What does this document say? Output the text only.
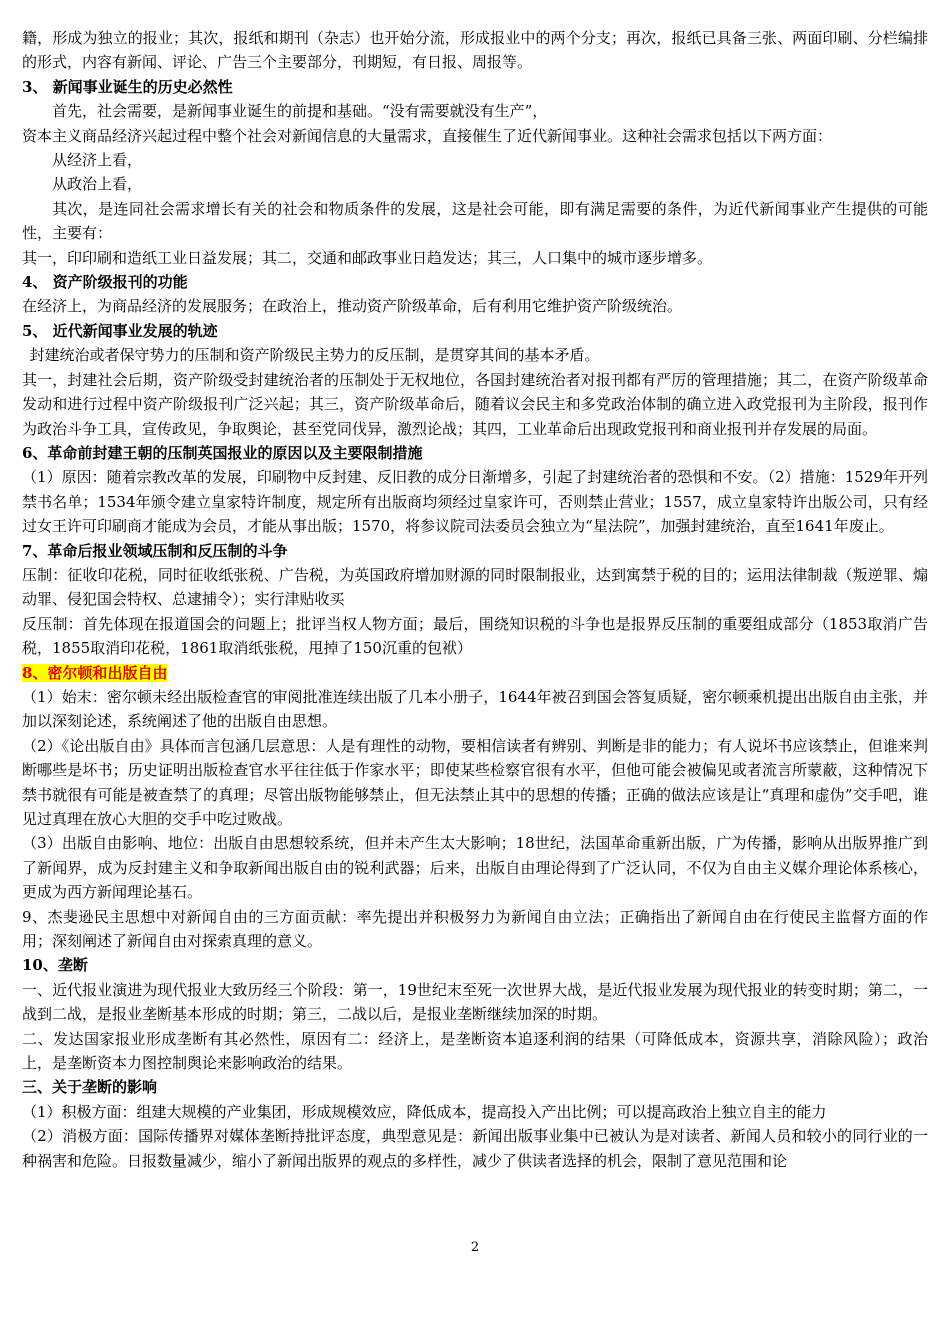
籍，形成为独立的报业；其次，报纸和期刊（杂志）也开始分流，形成报业中的两个分支；再次，报纸已具备三张、两面印刷、分栏编排的形式，内容有新闻、评论、广告三个主要部分，刊期短，有日报、周报等。

3、 新闻事业诞生的历史必然性

首先，社会需要，是新闻事业诞生的前提和基础。“没有需要就没有生产”，

资本主义商品经济兴起过程中整个社会对新闻信息的大量需求，直接催生了近代新闻事业。这种社会需求包括以下两方面：

从经济上看，

从政治上看，

其次，是连同社会需求增长有关的社会和物质条件的发展，这是社会可能，即有满足需要的条件，为近代新闻事业产生提供的可能性，主要有：

其一，印印刷和造纸工业日益发展；其二，交通和邮政事业日趋发达；其三，人口集中的城市逐步增多。

4、 资产阶级报刊的功能

在经济上，为商品经济的发展服务；在政治上，推动资产阶级革命，后有利用它维护资产阶级统治。

5、 近代新闻事业发展的轨迹

封建统治或者保守势力的压制和资产阶级民主势力的反压制，是贯穿其间的基本矛盾。

其一，封建社会后期，资产阶级受封建统治者的压制处于无权地位，各国封建统治者对报刊都有严厉的管理措施；其二，在资产阶级革命发动和进行过程中资产阶级报刊广泛兴起；其三，资产阶级革命后，随着议会民主和多党政治体制的确立进入政党报刊为主阶段，报刊作为政治斗争工具，宣传政见，争取舆论，甚至党同伐异，激烈论战；其四，工业革命后出现政党报刊和商业报刊并存发展的局面。

6、革命前封建王朝的压制英国报业的原因以及主要限制措施

（1）原因：随着宗教改革的发展，印刷物中反封建、反旧教的成分日渐增多，引起了封建统治者的恐惧和不安。（2）措施：1529年开列禁书名单；1534年颁令建立皇家特许制度，规定所有出版商均须经过皇家许可，否则禁止营业；1557，成立皇家特许出版公司，只有经过女王许可印刷商才能成为会员，才能从事出版；1570，将参议院司法委员会独立为“星法院”，加强封建统治，直至1641年废止。

7、革命后报业领域压制和反压制的斗争

压制：征收印花税，同时征收纸张税、广告税，为英国政府增加财源的同时限制报业，达到寓禁于税的目的；运用法律制裁（叛逆罪、煽动罪、侵犯国会特权、总逮捕令）；实行津贴收买

反压制：首先体现在报道国会的问题上；批评当权人物方面；最后，围绕知识税的斗争也是报界反压制的重要组成部分（1853取消广告税，1855取消印花税，1861取消纸张税，甩掉了150沉重的包袱）

8、密尔顿和出版自由

（1）始末：密尔顿未经出版检查官的审阅批准连续出版了几本小册子，1644年被召到国会答复质疑，密尔顿乘机提出出版自由主张，并加以深刻论述，系统阐述了他的出版自由思想。

（2）《论出版自由》具体而言包涵几层意思：人是有理性的动物，要相信读者有辨别、判断是非的能力；有人说坏书应该禁止，但谁来判断哪些是坏书；历史证明出版检查官水平往往低于作家水平；即使某些检察官很有水平，但他可能会被偏见或者流言所蒙蔽，这种情况下禁书就很有可能是被查禁了的真理；尽管出版物能够禁止，但无法禁止其中的思想的传播；正确的做法应该是让“真理和虚伪”交手吧，谁见过真理在放心大胆的交手中吃过败战。

（3）出版自由影响、地位：出版自由思想较系统，但并未产生太大影响；18世纪，法国革命重新出版，广为传播，影响从出版界推广到了新闻界，成为反封建主义和争取新闻出版自由的锐利武器；后来，出版自由理论得到了广泛认同，不仅为自由主义媒介理论体系核心，更成为西方新闻理论基石。

9、杰斐逊民主思想中对新闻自由的三方面贡献：率先提出并积极努力为新闻自由立法；正确指出了新闻自由在行使民主监督方面的作用；深刻阐述了新闻自由对探索真理的意义。

10、垄断

一、近代报业演进为现代报业大致历经三个阶段：第一，19世纪末至死一次世界大战，是近代报业发展为现代报业的转变时期；第二，一战到二战，是报业垄断基本形成的时期；第三，二战以后，是报业垄断继续加深的时期。

二、发达国家报业形成垄断有其必然性，原因有二：经济上，是垄断资本追逐利润的结果（可降低成本，资源共享，消除风险）；政治上，是垄断资本力图控制舆论来影响政治的结果。

三、关于垄断的影响

（1）积极方面：组建大规模的产业集团，形成规模效应，降低成本，提高投入产出比例；可以提高政治上独立自主的能力

（2）消极方面：国际传播界对媒体垄断持批评态度，典型意见是：新闻出版事业集中已被认为是对读者、新闻人员和较小的同行业的一种祸害和危险。日报数量减少，缩小了新闻出版界的观点的多样性，减少了供读者选择的机会，限制了意见范围和论

2
